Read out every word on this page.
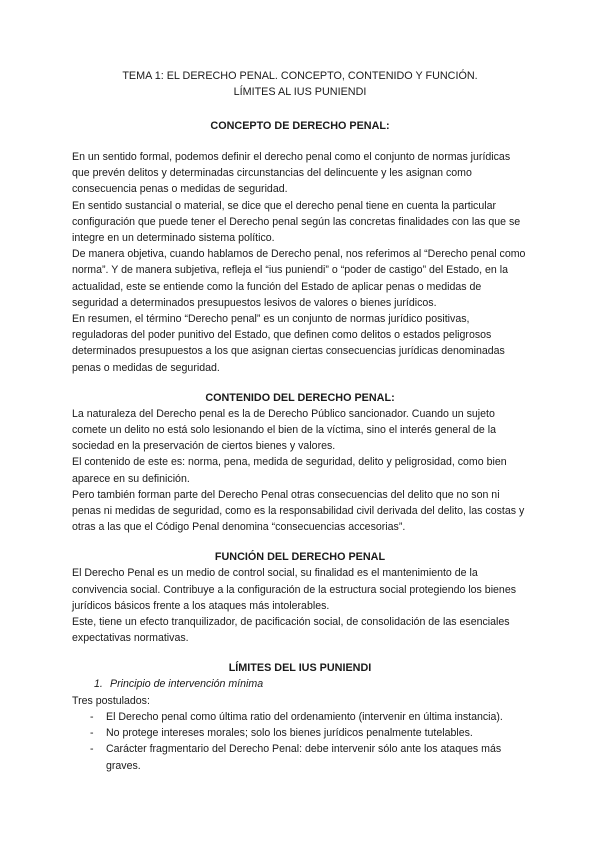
TEMA 1: EL DERECHO PENAL. CONCEPTO, CONTENIDO Y FUNCIÓN.

LÍMITES AL IUS PUNIENDI

CONCEPTO DE DERECHO PENAL:

En un sentido formal, podemos definir el derecho penal como el conjunto de normas jurídicas que prevén delitos y determinadas circunstancias del delincuente y les asignan como consecuencia penas o medidas de seguridad.

En sentido sustancial o material, se dice que el derecho penal tiene en cuenta la particular configuración que puede tener el Derecho penal según las concretas finalidades con las que se integre en un determinado sistema político.

De manera objetiva, cuando hablamos de Derecho penal, nos referimos al “Derecho penal como norma”. Y de manera subjetiva, refleja el “ius puniendi” o “poder de castigo” del Estado, en la actualidad, este se entiende como la función del Estado de aplicar penas o medidas de seguridad a determinados presupuestos lesivos de valores o bienes jurídicos.

En resumen, el término “Derecho penal” es un conjunto de normas jurídico positivas, reguladoras del poder punitivo del Estado, que definen como delitos o estados peligrosos determinados presupuestos a los que asignan ciertas consecuencias jurídicas denominadas penas o medidas de seguridad.

CONTENIDO DEL DERECHO PENAL:

La naturaleza del Derecho penal es la de Derecho Público sancionador. Cuando un sujeto comete un delito no está solo lesionando el bien de la víctima, sino el interés general de la sociedad en la preservación de ciertos bienes y valores.

El contenido de este es: norma, pena, medida de seguridad, delito y peligrosidad, como bien aparece en su definición.

Pero también forman parte del Derecho Penal otras consecuencias del delito que no son ni penas ni medidas de seguridad, como es la responsabilidad civil derivada del delito, las costas y otras a las que el Código Penal denomina “consecuencias accesorias”.

FUNCIÓN DEL DERECHO PENAL

El Derecho Penal es un medio de control social, su finalidad es el mantenimiento de la convivencia social. Contribuye a la configuración de la estructura social protegiendo los bienes jurídicos básicos frente a los ataques más intolerables.

Este, tiene un efecto tranquilizador, de pacificación social, de consolidación de las esenciales expectativas normativas.

LÍMITES DEL IUS PUNIENDI

1. Principio de intervención mínima

Tres postulados:

- El Derecho penal como última ratio del ordenamiento (intervenir en última instancia).
- No protege intereses morales; solo los bienes jurídicos penalmente tutelables.
- Carácter fragmentario del Derecho Penal: debe intervenir sólo ante los ataques más graves.
